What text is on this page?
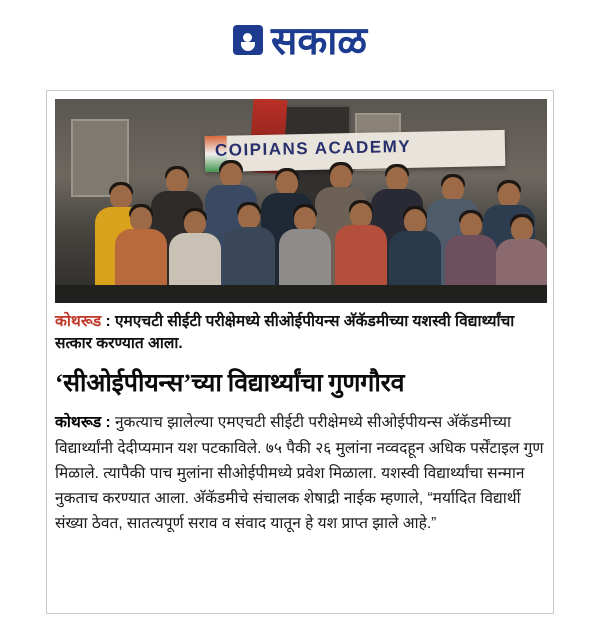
सकाळ
COIPIANS ACADEMY
कोथरूड : एमएचटी सीईटी परीक्षेमध्ये सीओईपीयन्स अ‍ॅकॅडमीच्या यशस्वी विद्यार्थ्यांचा सत्कार करण्यात आला.
‘सीओईपीयन्स’च्या विद्यार्थ्यांचा गुणगौरव
कोथरूड : नुकत्याच झालेल्या एमएचटी सीईटी परीक्षेमध्ये सीओईपीयन्स अ‍ॅकॅडमीच्या विद्यार्थ्यांनी देदीप्यमान यश पटकाविले. ७५ पैकी २६ मुलांना नव्वदहून अधिक पर्सेंटाइल गुण मिळाले. त्यापैकी पाच मुलांना सीओईपीमध्ये प्रवेश मिळाला. यशस्वी विद्यार्थ्यांचा सन्मान नुकताच करण्यात आला. अ‍ॅकॅडमीचे संचालक शेषाद्री नाईक म्हणाले, “मर्यादित विद्यार्थी संख्या ठेवत, सातत्यपूर्ण सराव व संवाद यातून हे यश प्राप्त झाले आहे.”
